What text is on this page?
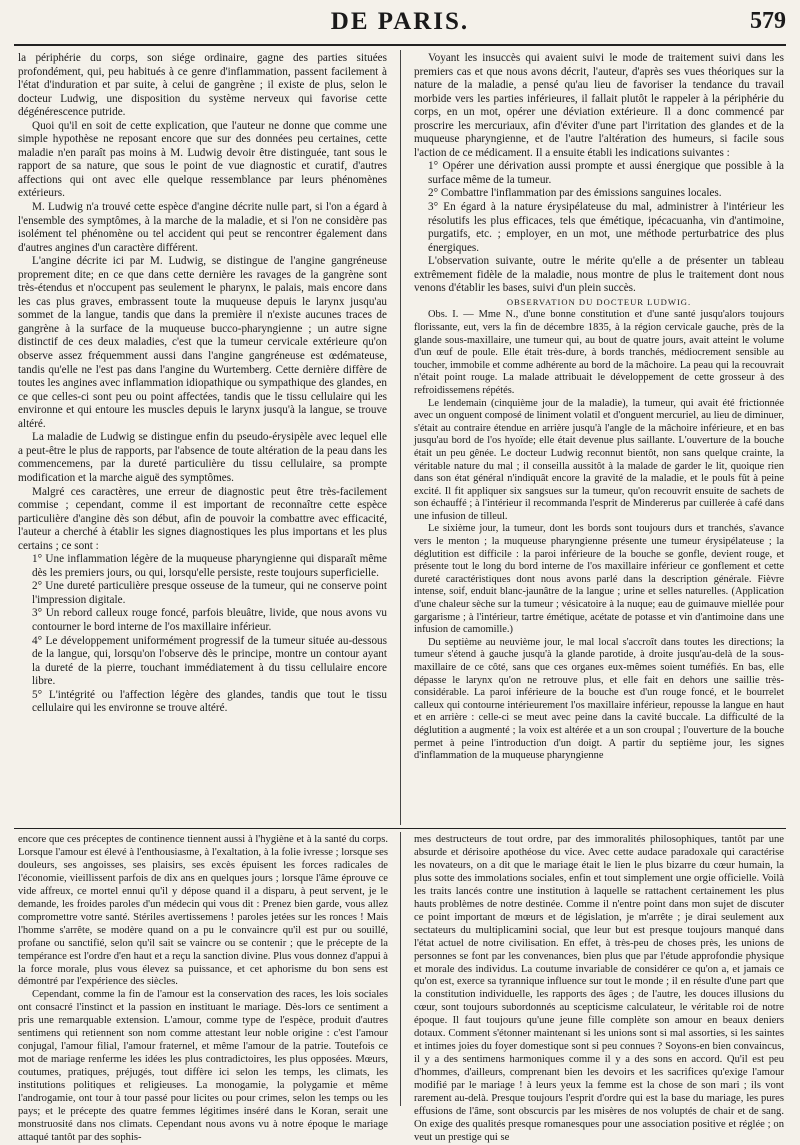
DE PARIS.	579

la périphérie du corps, son siége ordinaire, gagne des parties situées profondément, qui, peu habitués à ce genre d'inflammation, passent facilement à l'état d'induration et par suite, à celui de gangrène ; il existe de plus, selon le docteur Ludwig, une disposition du système nerveux qui favorise cette dégénérescence putride.

Quoi qu'il en soit de cette explication, que l'auteur ne donne que comme une simple hypothèse ne reposant encore que sur des données peu certaines, cette maladie n'en paraît pas moins à M. Ludwig devoir être distinguée, tant sous le rapport de sa nature, que sous le point de vue diagnostic et curatif, d'autres affections qui ont avec elle quelque ressemblance par leurs phénomènes extérieurs.

M. Ludwig n'a trouvé cette espèce d'angine décrite nulle part, si l'on a égard à l'ensemble des symptômes, à la marche de la maladie, et si l'on ne considère pas isolément tel phénomène ou tel accident qui peut se rencontrer également dans d'autres angines d'un caractère différent.

L'angine décrite ici par M. Ludwig, se distingue de l'angine gangréneuse proprement dite; en ce que dans cette dernière les ravages de la gangrène sont très-étendus et n'occupent pas seulement le pharynx, le palais, mais encore dans les cas plus graves, embrassent toute la muqueuse depuis le larynx jusqu'au sommet de la langue, tandis que dans la première il n'existe aucunes traces de gangrène à la surface de la muqueuse bucco-pharyngienne ; un autre signe distinctif de ces deux maladies, c'est que la tumeur cervicale extérieure qu'on observe assez fréquemment aussi dans l'angine gangréneuse est œdémateuse, tandis qu'elle ne l'est pas dans l'angine du Wurtemberg. Cette dernière diffère de toutes les angines avec inflammation idiopathique ou sympathique des glandes, en ce que celles-ci sont peu ou point affectées, tandis que le tissu cellulaire qui les environne et qui entoure les muscles depuis le larynx jusqu'à la langue, se trouve altéré.

La maladie de Ludwig se distingue enfin du pseudo-érysipèle avec lequel elle a peut-être le plus de rapports, par l'absence de toute altération de la peau dans les commencemens, par la dureté particulière du tissu cellulaire, sa prompte modification et la marche aiguë des symptômes.

Malgré ces caractères, une erreur de diagnostic peut être très-facilement commise ; cependant, comme il est important de reconnaître cette espèce particulière d'angine dès son début, afin de pouvoir la combattre avec efficacité, l'auteur a cherché à établir les signes diagnostiques les plus importans et les plus certains ; ce sont :

1° Une inflammation légère de la muqueuse pharyngienne qui disparaît même dès les premiers jours, ou qui, lorsqu'elle persiste, reste toujours superficielle.

2° Une dureté particulière presque osseuse de la tumeur, qui ne conserve point l'impression digitale.

3° Un rebord calleux rouge foncé, parfois bleuâtre, livide, que nous avons vu contourner le bord interne de l'os maxillaire inférieur.

4° Le développement uniformément progressif de la tumeur située au-dessous de la langue, qui, lorsqu'on l'observe dès le principe, montre un contour ayant la dureté de la pierre, touchant immédiatement à du tissu cellulaire encore libre.

5° L'intégrité ou l'affection légère des glandes, tandis que tout le tissu cellulaire qui les environne se trouve altéré.

Voyant les insuccès qui avaient suivi le mode de traitement suivi dans les premiers cas et que nous avons décrit, l'auteur, d'après ses vues théoriques sur la nature de la maladie, a pensé qu'au lieu de favoriser la tendance du travail morbide vers les parties inférieures, il fallait plutôt le rappeler à la périphérie du corps, en un mot, opérer une déviation extérieure. Il a donc commencé par proscrire les mercuriaux, afin d'éviter d'une part l'irritation des glandes et de la muqueuse pharyngienne, et de l'autre l'altération des humeurs, si facile sous l'action de ce médicament. Il a ensuite établi les indications suivantes :

1° Opérer une dérivation aussi prompte et aussi énergique que possible à la surface même de la tumeur.

2° Combattre l'inflammation par des émissions sanguines locales.

3° En égard à la nature érysipélateuse du mal, administrer à l'intérieur les résolutifs les plus efficaces, tels que émétique, ipécacuanha, vin d'antimoine, purgatifs, etc. ; employer, en un mot, une méthode perturbatrice des plus énergiques.

L'observation suivante, outre le mérite qu'elle a de présenter un tableau extrêmement fidèle de la maladie, nous montre de plus le traitement dont nous venons d'établir les bases, suivi d'un plein succès.

OBSERVATION DU DOCTEUR LUDWIG.

Obs. I. — Mme N., d'une bonne constitution et d'une santé jusqu'alors toujours florissante, eut, vers la fin de décembre 1835, à la région cervicale gauche, près de la glande sous-maxillaire, une tumeur qui, au bout de quatre jours, avait atteint le volume d'un œuf de poule. Elle était très-dure, à bords tranchés, médiocrement sensible au toucher, immobile et comme adhérente au bord de la mâchoire. La peau qui la recouvrait n'était point rouge. La malade attribuait le développement de cette grosseur à des refroidissemens répétés.

Le lendemain (cinquième jour de la maladie), la tumeur, qui avait été frictionnée avec un onguent composé de liniment volatil et d'onguent mercuriel, au lieu de diminuer, s'était au contraire étendue en arrière jusqu'à l'angle de la mâchoire inférieure, et en bas jusqu'au bord de l'os hyoïde; elle était devenue plus saillante. L'ouverture de la bouche était un peu gênée. Le docteur Ludwig reconnut bientôt, non sans quelque crainte, la véritable nature du mal ; il conseilla aussitôt à la malade de garder le lit, quoique rien dans son état général n'indiquât encore la gravité de la maladie, et le pouls fût à peine excité. Il fit appliquer six sangsues sur la tumeur, qu'on recouvrit ensuite de sachets de son échauffé ; à l'intérieur il recommanda l'esprit de Mindererus par cuillerée à café dans une infusion de tilleul.

Le sixième jour, la tumeur, dont les bords sont toujours durs et tranchés, s'avance vers le menton ; la muqueuse pharyngienne présente une tumeur érysipélateuse ; la déglutition est difficile : la paroi inférieure de la bouche se gonfle, devient rouge, et présente tout le long du bord interne de l'os maxillaire inférieur ce gonflement et cette dureté caractéristiques dont nous avons parlé dans la description générale. Fièvre intense, soif, enduit blanc-jaunâtre de la langue ; urine et selles naturelles. (Application d'une chaleur sèche sur la tumeur ; vésicatoire à la nuque; eau de guimauve miellée pour gargarisme ; à l'intérieur, tartre émétique, acétate de potasse et vin d'antimoine dans une infusion de camomille.)

Du septième au neuvième jour, le mal local s'accroît dans toutes les directions; la tumeur s'étend à gauche jusqu'à la glande parotide, à droite jusqu'au-delà de la sous-maxillaire de ce côté, sans que ces organes eux-mêmes soient tuméfiés. En bas, elle dépasse le larynx qu'on ne retrouve plus, et elle fait en dehors une saillie très-considérable. La paroi inférieure de la bouche est d'un rouge foncé, et le bourrelet calleux qui contourne intérieurement l'os maxillaire inférieur, repousse la langue en haut et en arrière : celle-ci se meut avec peine dans la cavité buccale. La difficulté de la déglutition a augmenté ; la voix est altérée et a un son croupal ; l'ouverture de la bouche permet à peine l'introduction d'un doigt. A partir du septième jour, les signes d'inflammation de la muqueuse pharyngienne

encore que ces préceptes de continence tiennent aussi à l'hygiène et à la santé du corps. Lorsque l'amour est élevé à l'enthousiasme, à l'exaltation, à la folie ivresse ; lorsque ses douleurs, ses angoisses, ses plaisirs, ses excès épuisent les forces radicales de l'économie, vieillissent parfois de dix ans en quelques jours ; lorsque l'âme éprouve ce vide affreux, ce mortel ennui qu'il y dépose quand il a disparu, à peut servent, je le demande, les froides paroles d'un médecin qui vous dit : Prenez bien garde, vous allez compromettre votre santé. Stériles avertissemens ! paroles jetées sur les ronces ! Mais l'homme s'arrête, se modère quand on a pu le convaincre qu'il est pur ou souillé, profane ou sanctifié, selon qu'il sait se vaincre ou se contenir ; que le précepte de la tempérance est l'ordre d'en haut et a reçu la sanction divine. Plus vous donnez d'appui à la force morale, plus vous élevez sa puissance, et cet aphorisme du bon sens est démontré par l'expérience des siècles.

Cependant, comme la fin de l'amour est la conservation des races, les lois sociales ont consacré l'instinct et la passion en instituant le mariage. Dès-lors ce sentiment a pris une remarquable extension. L'amour, comme type de l'espèce, produit d'autres sentimens qui retiennent son nom comme attestant leur noble origine : c'est l'amour conjugal, l'amour filial, l'amour fraternel, et même l'amour de la patrie. Toutefois ce mot de mariage renferme les idées les plus contradictoires, les plus opposées. Mœurs, coutumes, pratiques, préjugés, tout diffère ici selon les temps, les climats, les institutions politiques et religieuses. La monogamie, la polygamie et même l'androgamie, ont tour à tour passé pour licites ou pour crimes, selon les temps ou les pays; et le précepte des quatre femmes légitimes inséré dans le Koran, serait une monstruosité dans nos climats. Cependant nous avons vu à notre époque le mariage attaqué tantôt par des sophis-

mes destructeurs de tout ordre, par des immoralités philosophiques, tantôt par une absurde et dérisoire apothéose du vice. Avec cette audace paradoxale qui caractérise les novateurs, on a dit que le mariage était le lien le plus bizarre du cœur humain, la plus sotte des immolations sociales, enfin et tout simplement une orgie officielle. Voilà les traits lancés contre une institution à laquelle se rattachent certainement les plus hauts problèmes de notre destinée. Comme il n'entre point dans mon sujet de discuter ce point important de mœurs et de législation, je m'arrête ; je dirai seulement aux sectateurs du multiplicamini social, que leur but est presque toujours manqué dans l'état actuel de notre civilisation. En effet, à très-peu de choses près, les unions de personnes se font par les convenances, bien plus que par l'étude approfondie physique et morale des individus. La coutume invariable de considérer ce qu'on a, et jamais ce qu'on est, exerce sa tyrannique influence sur tout le monde ; il en résulte d'une part que la constitution individuelle, les rapports des âges ; de l'autre, les douces illusions du cœur, sont toujours subordonnés au scepticisme calculateur, le véritable roi de notre époque. Il faut toujours qu'une jeune fille complète son amour en beaux deniers dotaux. Comment s'étonner maintenant si les unions sont si mal assorties, si les saintes et intimes joies du foyer domestique sont si peu connues ? Soyons-en bien convaincus, il y a des sentimens harmoniques comme il y a des sons en accord. Qu'il est peu d'hommes, d'ailleurs, comprenant bien les devoirs et les sacrifices qu'exige l'amour modifié par le mariage ! à leurs yeux la femme est la chose de son mari ; ils vont rarement au-delà. Presque toujours l'esprit d'ordre qui est la base du mariage, les pures effusions de l'âme, sont obscurcis par les misères de nos voluptés de chair et de sang. On exige des qualités presque romanesques pour une association positive et réglée ; on veut un prestige qui se
